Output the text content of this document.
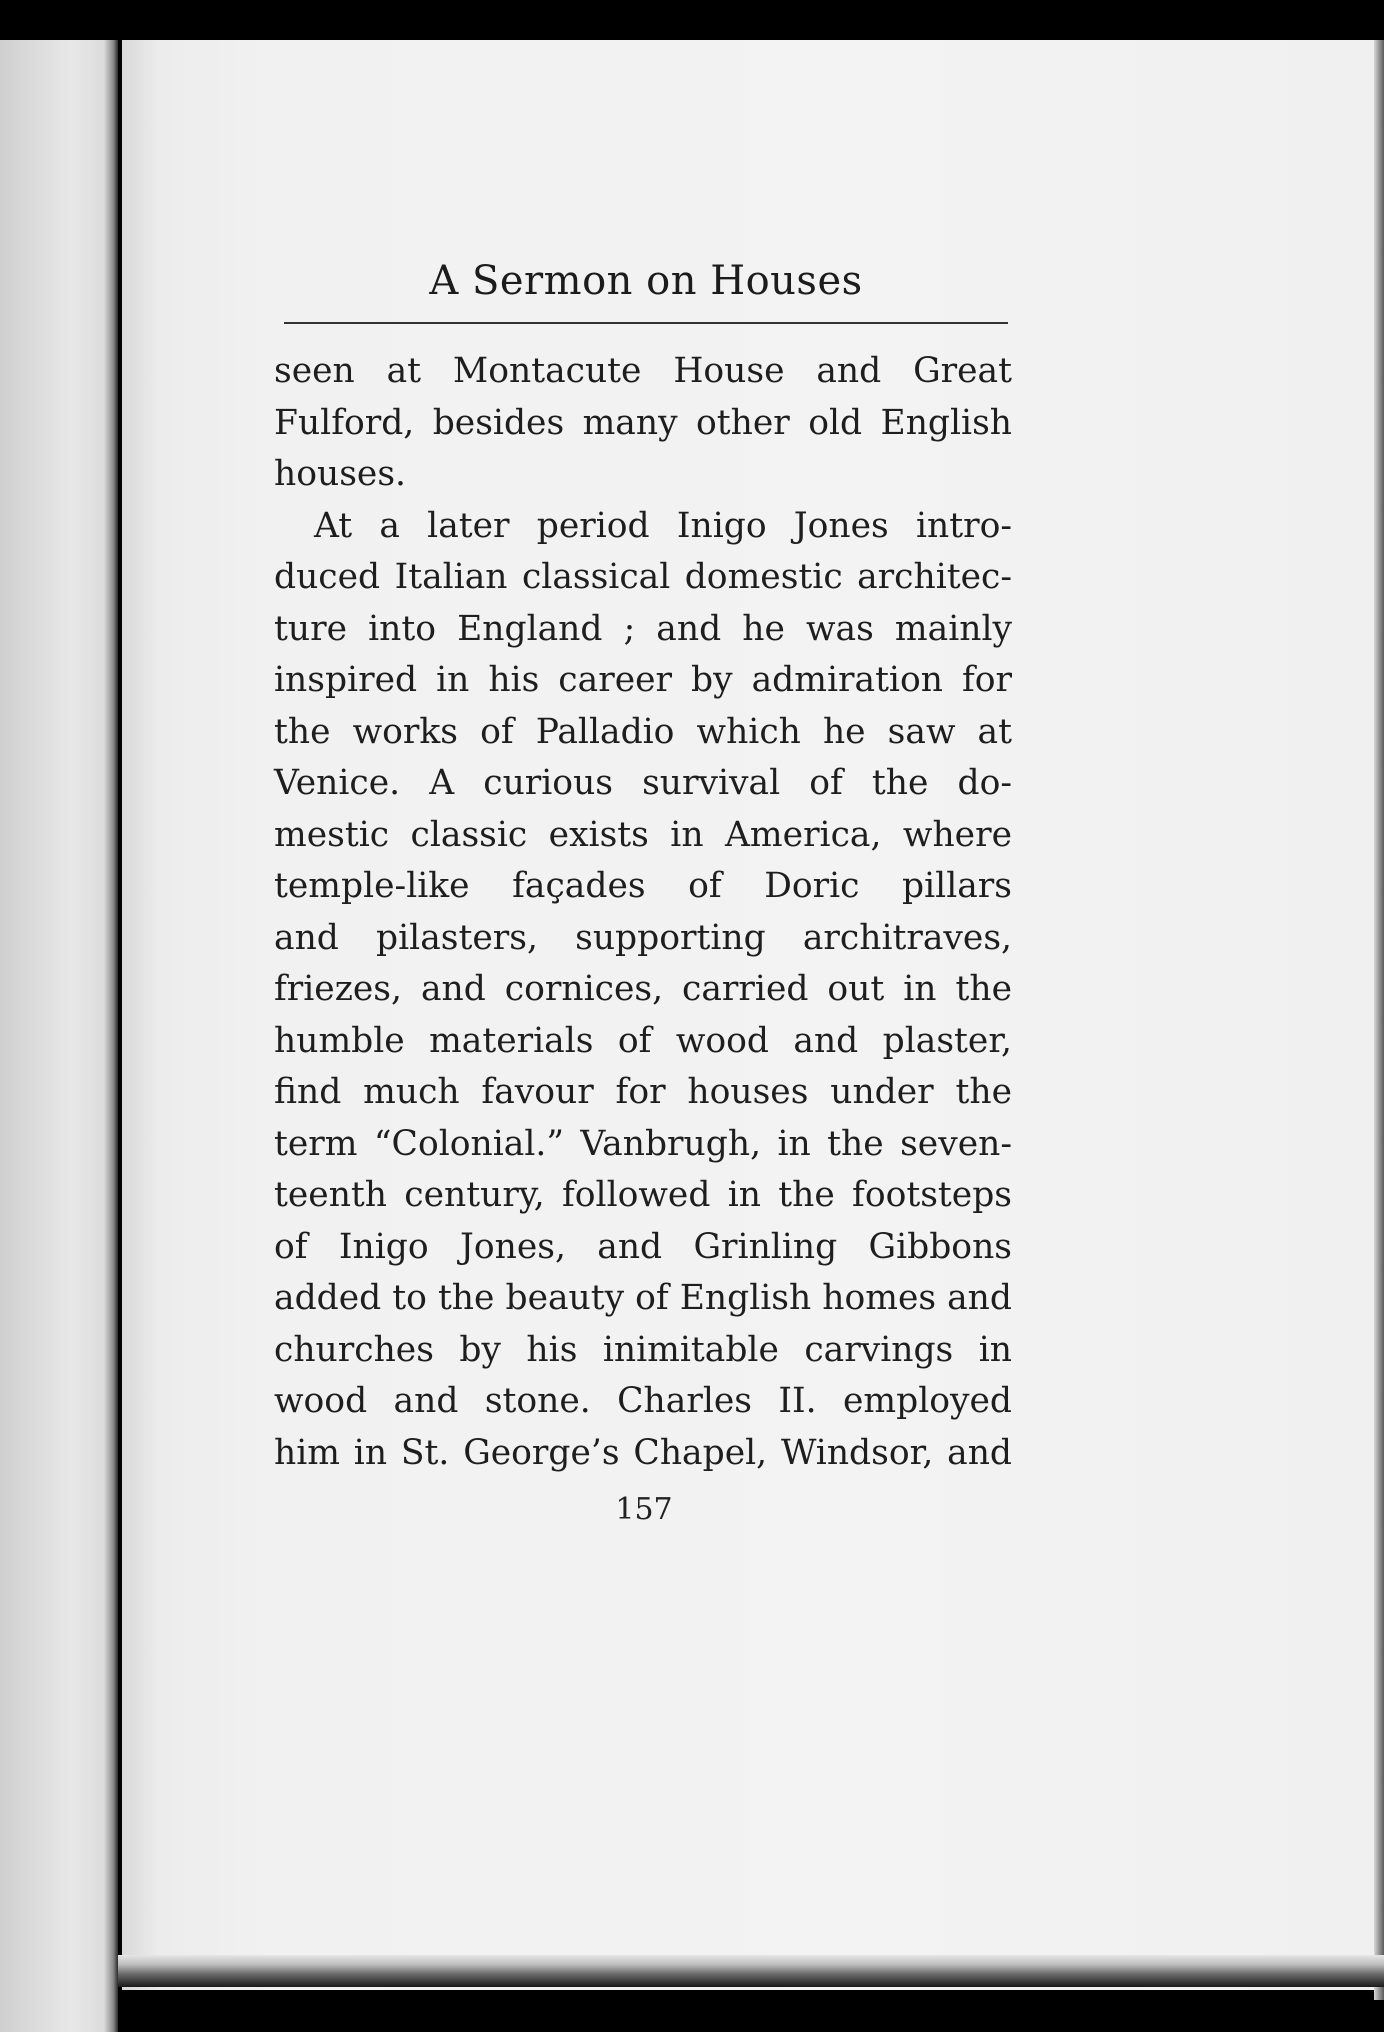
A Sermon on Houses
seen at Montacute House and Great
Fulford, besides many other old English
houses.
At a later period Inigo Jones intro-
duced Italian classical domestic architec-
ture into England ; and he was mainly
inspired in his career by admiration for
the works of Palladio which he saw at
Venice. A curious survival of the do-
mestic classic exists in America, where
temple-like façades of Doric pillars
and pilasters, supporting architraves,
friezes, and cornices, carried out in the
humble materials of wood and plaster,
find much favour for houses under the
term “Colonial.” Vanbrugh, in the seven-
teenth century, followed in the footsteps
of Inigo Jones, and Grinling Gibbons
added to the beauty of English homes and
churches by his inimitable carvings in
wood and stone. Charles II. employed
him in St. George’s Chapel, Windsor, and
157
